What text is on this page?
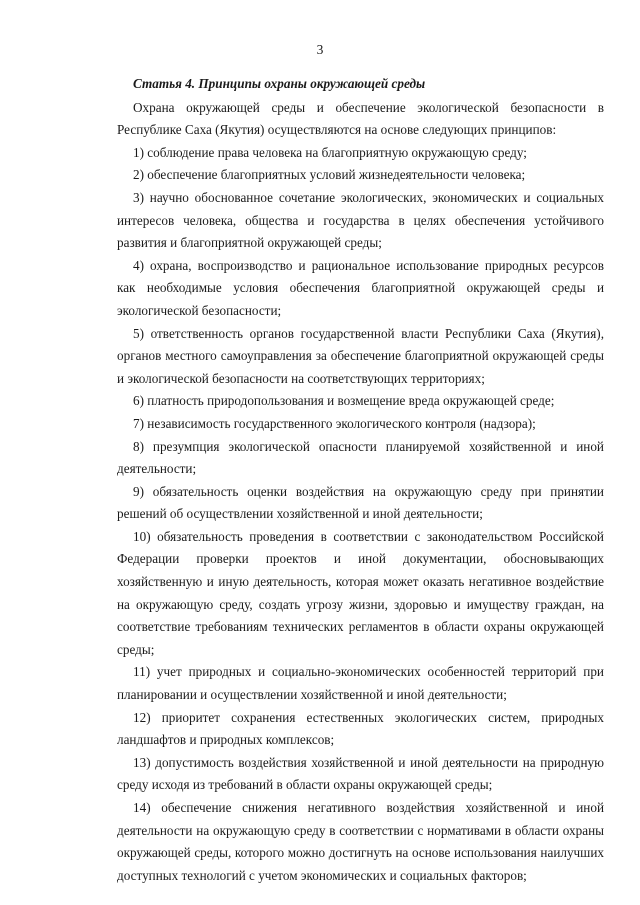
3

Статья 4. Принципы охраны окружающей среды

Охрана окружающей среды и обеспечение экологической безопасности в Республике Саха (Якутия) осуществляются на основе следующих принципов:

1) соблюдение права человека на благоприятную окружающую среду;

2) обеспечение благоприятных условий жизнедеятельности человека;

3) научно обоснованное сочетание экологических, экономических и социальных интересов человека, общества и государства в целях обеспечения устойчивого развития и благоприятной окружающей среды;

4) охрана, воспроизводство и рациональное использование природных ресурсов как необходимые условия обеспечения благоприятной окружающей среды и экологической безопасности;

5) ответственность органов государственной власти Республики Саха (Якутия), органов местного самоуправления за обеспечение благоприятной окружающей среды и экологической безопасности на соответствующих территориях;

6) платность природопользования и возмещение вреда окружающей среде;

7) независимость государственного экологического контроля (надзора);

8) презумпция экологической опасности планируемой хозяйственной и иной деятельности;

9) обязательность оценки воздействия на окружающую среду при принятии решений об осуществлении хозяйственной и иной деятельности;

10) обязательность проведения в соответствии с законодательством Российской Федерации проверки проектов и иной документации, обосновывающих хозяйственную и иную деятельность, которая может оказать негативное воздействие на окружающую среду, создать угрозу жизни, здоровью и имуществу граждан, на соответствие требованиям технических регламентов в области охраны окружающей среды;

11) учет природных и социально-экономических особенностей территорий при планировании и осуществлении хозяйственной и иной деятельности;

12) приоритет сохранения естественных экологических систем, природных ландшафтов и природных комплексов;

13) допустимость воздействия хозяйственной и иной деятельности на природную среду исходя из требований в области охраны окружающей среды;

14) обеспечение снижения негативного воздействия хозяйственной и иной деятельности на окружающую среду в соответствии с нормативами в области охраны окружающей среды, которого можно достигнуть на основе использования наилучших доступных технологий с учетом экономических и социальных факторов;
